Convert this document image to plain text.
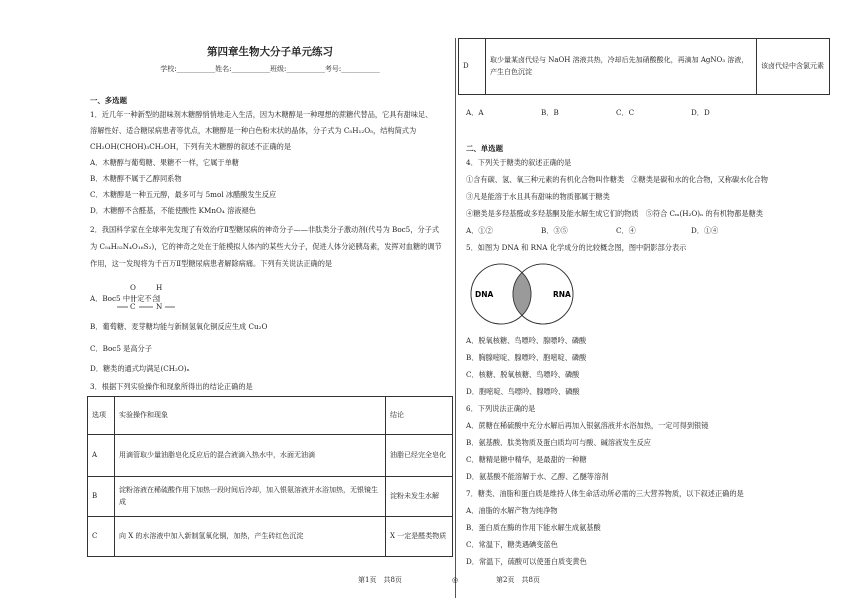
第四章生物大分子单元练习
学校:___________姓名:___________班级:___________考号:___________
一、多选题
1．近几年一种新型的甜味剂木糖醇悄悄地走入生活，因为木糖醇是一种理想的蔗糖代替品，它具有甜味足、
溶解性好、适合糖尿病患者等优点，木糖醇是一种白色粉末状的晶体，分子式为 C₅H₁₂O₅，结构简式为
CH₂OH(CHOH)₃CH₂OH，下列有关木糖醇的叙述不正确的是
A．木糖醇与葡萄糖、果糖不一样，它属于单糖
B．木糖醇不属于乙醇同系物
C．木糖醇是一种五元醇，最多可与 5mol 冰醋酸发生反应
D．木糖醇不含醛基，不能使酸性 KMnO₄ 溶液褪色
2．我国科学家在全球率先发现了有效治疗Ⅱ型糖尿病的神奇分子——非肽类分子激动剂(代号为 Boc5，分子式
为 C₅₄H₅₂N₄O₁₆S₂)，它的神奇之处在于能模拟人体内的某些大分子，促进人体分泌胰岛素，发挥对血糖的调节
作用，这一发现将为千百万Ⅱ型糖尿病患者解除病痛。下列有关说法正确的是
A．Boc5 中一定不含
O	H
C	N
B．葡萄糖、麦芽糖均能与新制氢氧化铜反应生成 Cu₂O
C．Boc5 是高分子
D．糖类的通式均满足(CH₂O)ₙ
3．根据下列实验操作和现象所得出的结论正确的是
选项	实验操作和现象	结论
A	用滴管取少量油脂皂化反应后的混合液滴入热水中，水面无油滴	油脂已经完全皂化
B	淀粉溶液在稀硫酸作用下加热一段时间后冷却，加入银氨溶液并水浴加热，无银镜生成	淀粉未发生水解
C	向 X 的水溶液中加入新制氢氧化铜，加热，产生砖红色沉淀	X 一定是醛类物质
D	取少量某卤代烃与 NaOH 溶液共热，冷却后先加硝酸酸化，再滴加 AgNO₃ 溶液，产生白色沉淀	该卤代烃中含氯元素
A．A	B．B	C．C	D．D
二、单选题
4．下列关于糖类的叙述正确的是
①含有碳、氢、氧三种元素的有机化合物叫作糖类　②糖类是碳和水的化合物，又称碳水化合物
③凡是能溶于水且具有甜味的物质都属于糖类
④糖类是多羟基醛或多羟基酮及能水解生成它们的物质　⑤符合 Cₘ(H₂O)ₙ 的有机物都是糖类
A．①②	B．③⑤	C．④	D．①④
5．如图为 DNA 和 RNA 化学成分的比较概念图，图中阴影部分表示
DNA	RNA
A．脱氧核糖、鸟嘌呤、腺嘌呤、磷酸
B．胸腺嘧啶、腺嘌呤、胞嘧啶、磷酸
C．核糖、脱氧核糖、鸟嘌呤、磷酸
D．胞嘧啶、鸟嘌呤、腺嘌呤、磷酸
6．下列说法正确的是
A．蔗糖在稀硫酸中充分水解后再加入银氨溶液并水浴加热，一定可得到银镜
B．氨基酸、肽类物质及蛋白质均可与酸、碱溶液发生反应
C．糖精是糖中精华，是最甜的一种糖
D．氨基酸不能溶解于水、乙醇、乙醚等溶剂
7．糖类、油脂和蛋白质是维持人体生命活动所必需的三大营养物质，以下叙述正确的是
A．油脂的水解产物为纯净物
B．蛋白质在酶的作用下能水解生成氨基酸
C．常温下，糖类遇碘变蓝色
D．常温下，硫酸可以使蛋白质变黄色
第1页　共8页	◎	第2页　共8页
